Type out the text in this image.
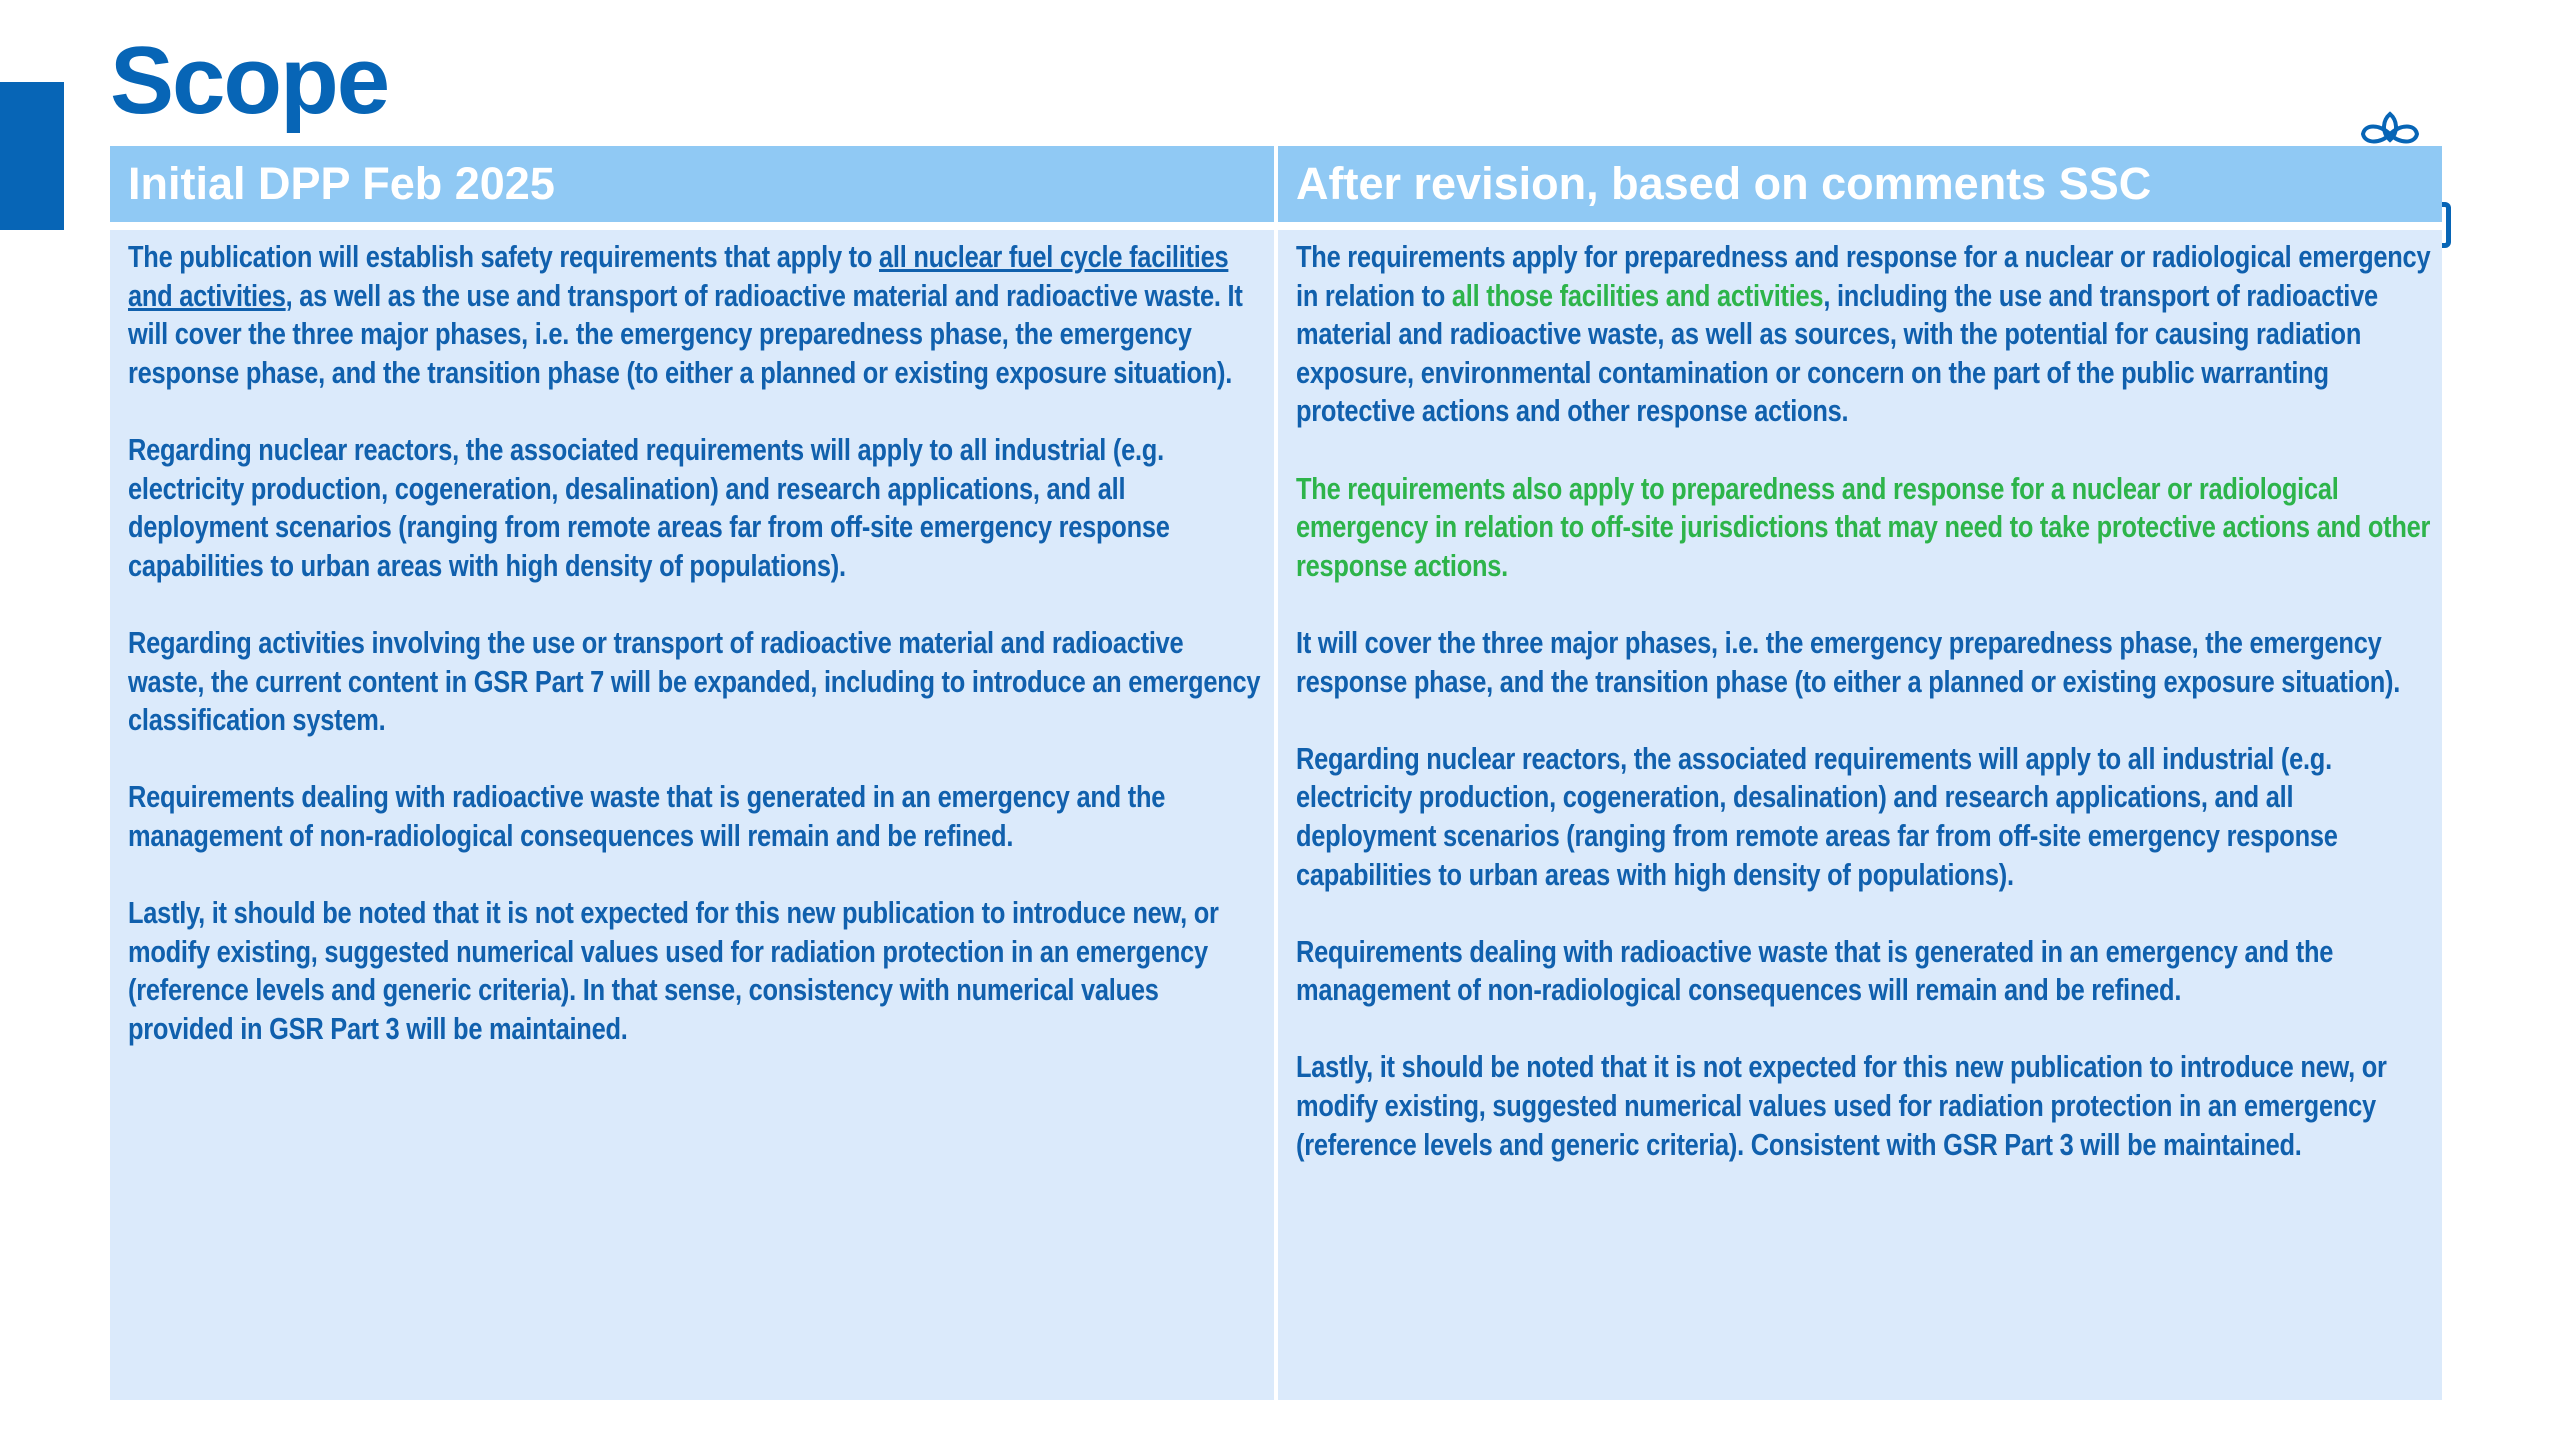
Scope
Initial DPP Feb 2025

The publication will establish safety requirements that apply to all nuclear fuel cycle facilities and activities, as well as the use and transport of radioactive material and radioactive waste. It will cover the three major phases, i.e. the emergency preparedness phase, the emergency response phase, and the transition phase (to either a planned or existing exposure situation).

Regarding nuclear reactors, the associated requirements will apply to all industrial (e.g. electricity production, cogeneration, desalination) and research applications, and all deployment scenarios (ranging from remote areas far from off-site emergency response capabilities to urban areas with high density of populations).

Regarding activities involving the use or transport of radioactive material and radioactive waste, the current content in GSR Part 7 will be expanded, including to introduce an emergency classification system.

Requirements dealing with radioactive waste that is generated in an emergency and the management of non-radiological consequences will remain and be refined.

Lastly, it should be noted that it is not expected for this new publication to introduce new, or modify existing, suggested numerical values used for radiation protection in an emergency (reference levels and generic criteria). In that sense, consistency with numerical values provided in GSR Part 3 will be maintained.

After revision, based on comments SSC

The requirements apply for preparedness and response for a nuclear or radiological emergency in relation to all those facilities and activities, including the use and transport of radioactive material and radioactive waste, as well as sources, with the potential for causing radiation exposure, environmental contamination or concern on the part of the public warranting protective actions and other response actions.

The requirements also apply to preparedness and response for a nuclear or radiological emergency in relation to off-site jurisdictions that may need to take protective actions and other response actions.

It will cover the three major phases, i.e. the emergency preparedness phase, the emergency response phase, and the transition phase (to either a planned or existing exposure situation).

Regarding nuclear reactors, the associated requirements will apply to all industrial (e.g. electricity production, cogeneration, desalination) and research applications, and all deployment scenarios (ranging from remote areas far from off-site emergency response capabilities to urban areas with high density of populations).

Requirements dealing with radioactive waste that is generated in an emergency and the management of non-radiological consequences will remain and be refined.

Lastly, it should be noted that it is not expected for this new publication to introduce new, or modify existing, suggested numerical values used for radiation protection in an emergency (reference levels and generic criteria). Consistent with GSR Part 3 will be maintained.
